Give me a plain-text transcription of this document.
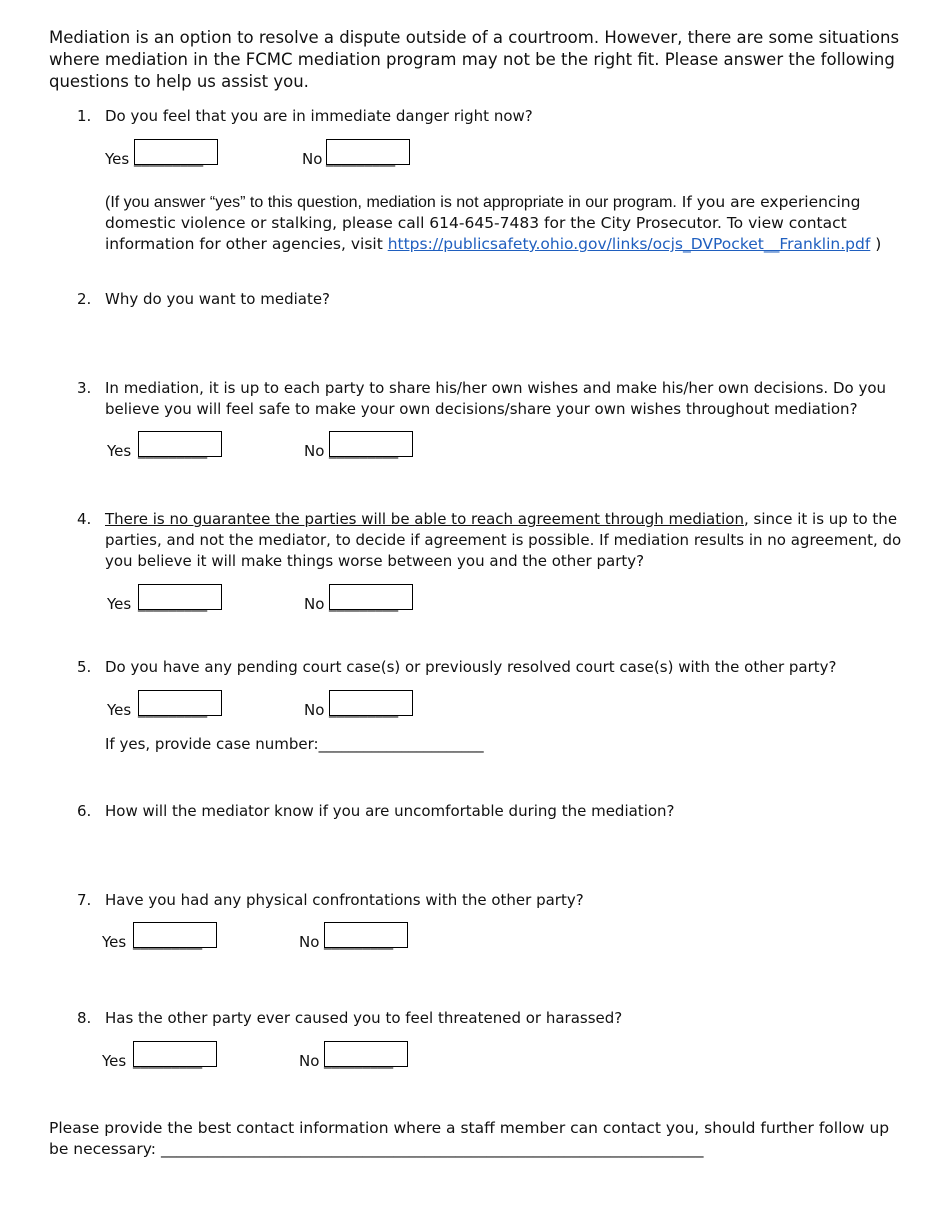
Mediation is an option to resolve a dispute outside of a courtroom. However, there are some situations where mediation in the FCMC mediation program may not be the right fit. Please answer the following questions to help us assist you.
1. Do you feel that you are in immediate danger right now?
Yes	No
(If you answer “yes” to this question, mediation is not appropriate in our program. If you are experiencing domestic violence or stalking, please call 614-645-7483 for the City Prosecutor. To view contact information for other agencies, visit https://publicsafety.ohio.gov/links/ocjs_DVPocket__Franklin.pdf )
2. Why do you want to mediate?
3. In mediation, it is up to each party to share his/her own wishes and make his/her own decisions. Do you believe you will feel safe to make your own decisions/share your own wishes throughout mediation?
Yes	No
4. There is no guarantee the parties will be able to reach agreement through mediation, since it is up to the parties, and not the mediator, to decide if agreement is possible. If mediation results in no agreement, do you believe it will make things worse between you and the other party?
Yes	No
5. Do you have any pending court case(s) or previously resolved court case(s) with the other party?
Yes	No
If yes, provide case number:______________________
6. How will the mediator know if you are uncomfortable during the mediation?
7. Have you had any physical confrontations with the other party?
Yes	No
8. Has the other party ever caused you to feel threatened or harassed?
Yes	No
Please provide the best contact information where a staff member can contact you, should further follow up be necessary: ______________________________________________________________________
